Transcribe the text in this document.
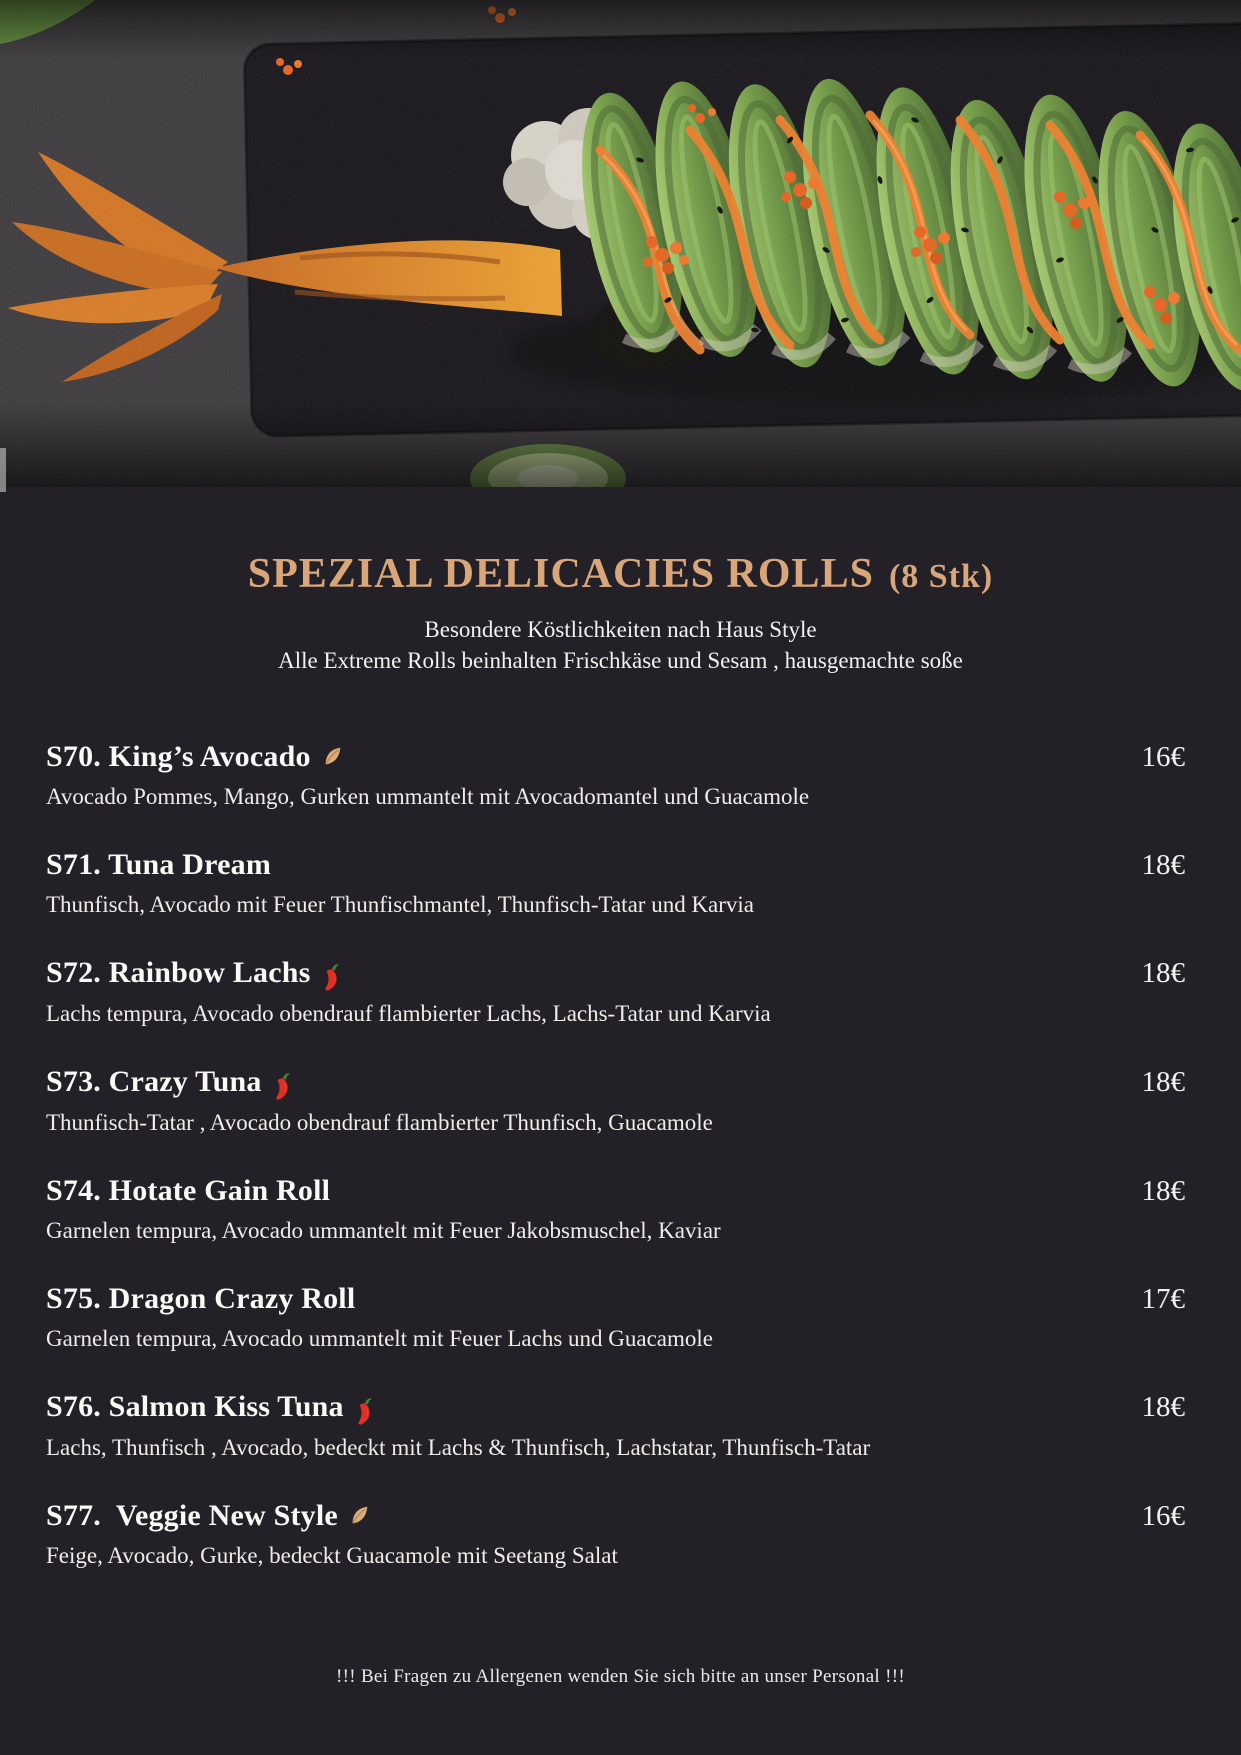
SPEZIAL DELICACIES ROLLS (8 Stk)
Besondere Köstlichkeiten nach Haus Style
Alle Extreme Rolls beinhalten Frischkäse und Sesam , hausgemachte soße
S70. King’s Avocado	16€
Avocado Pommes, Mango, Gurken ummantelt mit Avocadomantel und Guacamole
S71. Tuna Dream	18€
Thunfisch, Avocado mit Feuer Thunfischmantel, Thunfisch-Tatar und Karvia
S72. Rainbow Lachs	18€
Lachs tempura, Avocado obendrauf flambierter Lachs, Lachs-Tatar und Karvia
S73. Crazy Tuna	18€
Thunfisch-Tatar , Avocado obendrauf flambierter Thunfisch, Guacamole
S74. Hotate Gain Roll	18€
Garnelen tempura, Avocado ummantelt mit Feuer Jakobsmuschel, Kaviar
S75. Dragon Crazy Roll	17€
Garnelen tempura, Avocado ummantelt mit Feuer Lachs und Guacamole
S76. Salmon Kiss Tuna	18€
Lachs, Thunfisch , Avocado, bedeckt mit Lachs & Thunfisch, Lachstatar, Thunfisch-Tatar
S77.  Veggie New Style	16€
Feige, Avocado, Gurke, bedeckt Guacamole mit Seetang Salat
!!! Bei Fragen zu Allergenen wenden Sie sich bitte an unser Personal !!!
